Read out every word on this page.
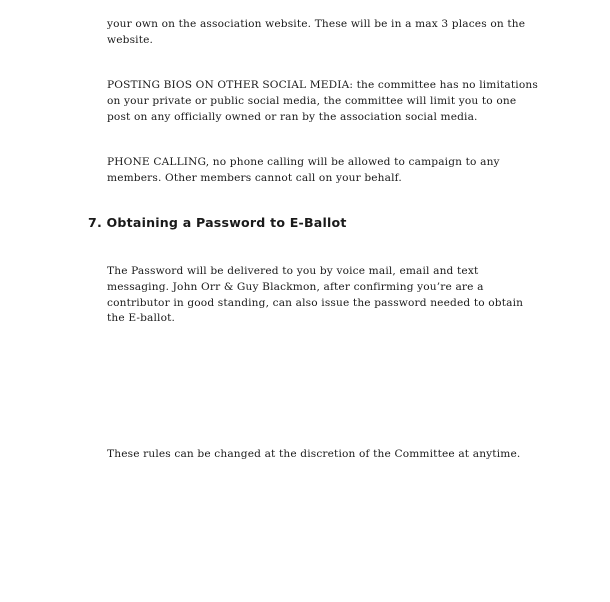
your own on the association website. These will be in a max 3 places on the
website.

POSTING BIOS ON OTHER SOCIAL MEDIA: the committee has no limitations
on your private or public social media, the committee will limit you to one
post on any officially owned or ran by the association social media.

PHONE CALLING, no phone calling will be allowed to campaign to any
members. Other members cannot call on your behalf.

7. Obtaining a Password to E-Ballot

The Password will be delivered to you by voice mail, email and text
messaging. John Orr & Guy Blackmon, after confirming you’re are a
contributor in good standing, can also issue the password needed to obtain
the E-ballot.

These rules can be changed at the discretion of the Committee at anytime.
